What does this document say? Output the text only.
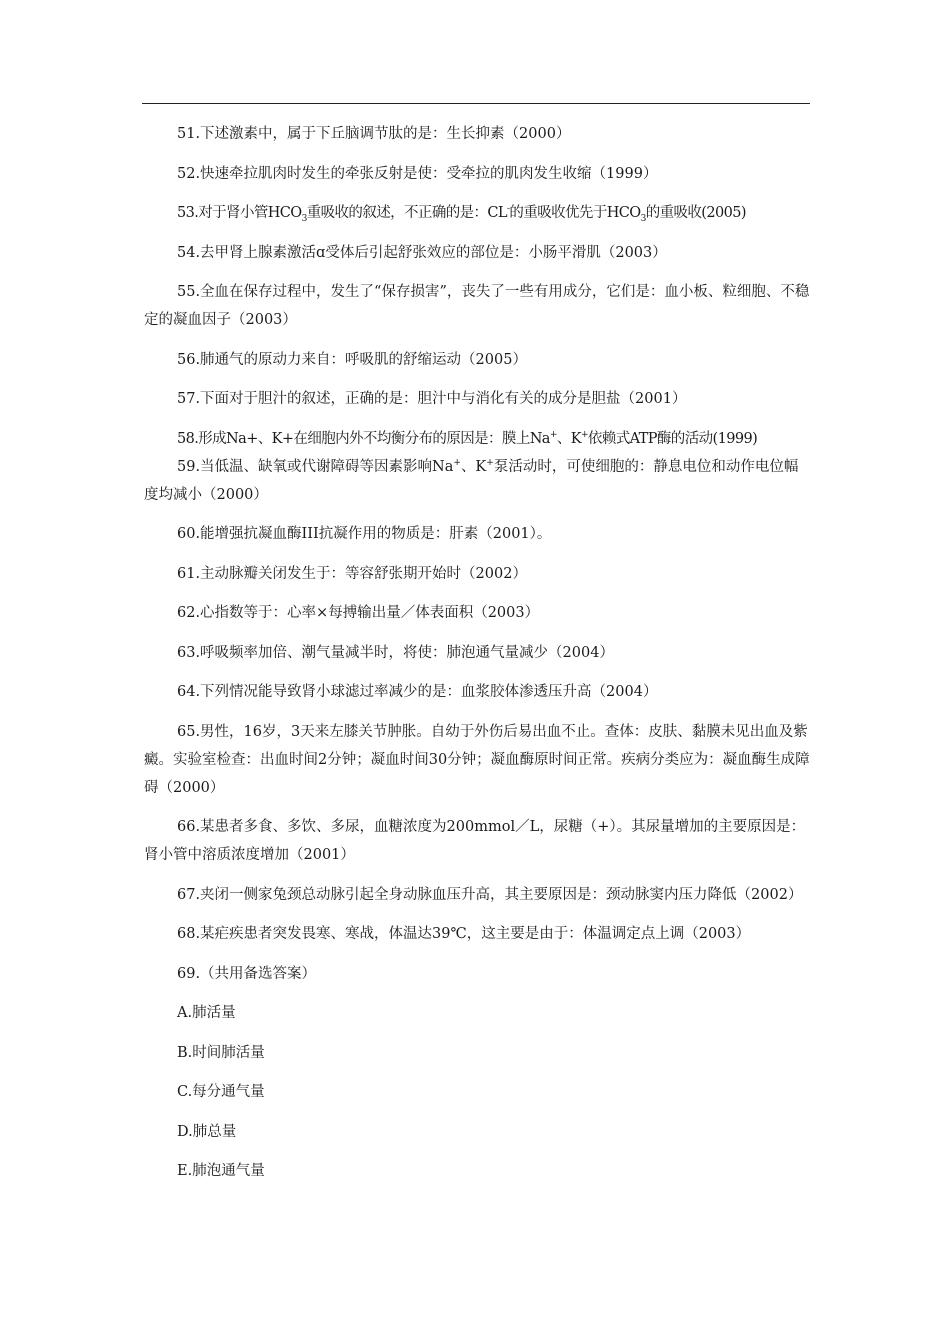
51.下述激素中，属于下丘脑调节肽的是：生长抑素（2000）

52.快速牵拉肌肉时发生的牵张反射是使：受牵拉的肌肉发生收缩（1999）

53.对于肾小管$HCO_3$重吸收的叙述，不正确的是：CL-的重吸收优先于$HCO_3$的重吸收(2005)

54.去甲肾上腺素激活ɑ受体后引起舒张效应的部位是：小肠平滑肌（2003）

55.全血在保存过程中，发生了“保存损害”，丧失了一些有用成分，它们是：血小板、粒细胞、不稳定的凝血因子（2003）

56.肺通气的原动力来自：呼吸肌的舒缩运动（2005）

57.下面对于胆汁的叙述，正确的是：胆汁中与消化有关的成分是胆盐（2001）

58.形成Na+、K+在细胞内外不均衡分布的原因是：膜上Na+、K+依赖式ATP酶的活动(1999)

59.当低温、缺氧或代谢障碍等因素影响Na+、K+泵活动时，可使细胞的：静息电位和动作电位幅度均减小（2000）

60.能增强抗凝血酶III抗凝作用的物质是：肝素（2001）。

61.主动脉瓣关闭发生于：等容舒张期开始时（2002）

62.心指数等于：心率×每搏输出量／体表面积（2003）

63.呼吸频率加倍、潮气量减半时，将使：肺泡通气量减少（2004）

64.下列情况能导致肾小球滤过率减少的是：血浆胶体渗透压升高（2004）

65.男性，16岁，3天来左膝关节肿胀。自幼于外伤后易出血不止。查体：皮肤、黏膜未见出血及紫癜。实验室检查：出血时间2分钟；凝血时间30分钟；凝血酶原时间正常。疾病分类应为：凝血酶生成障碍（2000）

66.某患者多食、多饮、多尿，血糖浓度为200mmol／L，尿糖（+）。其尿量增加的主要原因是：肾小管中溶质浓度增加（2001）

67.夹闭一侧家兔颈总动脉引起全身动脉血压升高，其主要原因是：颈动脉窦内压力降低（2002）

68.某疟疾患者突发畏寒、寒战，体温达39℃，这主要是由于：体温调定点上调（2003）

69.（共用备选答案）

A.肺活量

B.时间肺活量

C.每分通气量

D.肺总量

E.肺泡通气量
